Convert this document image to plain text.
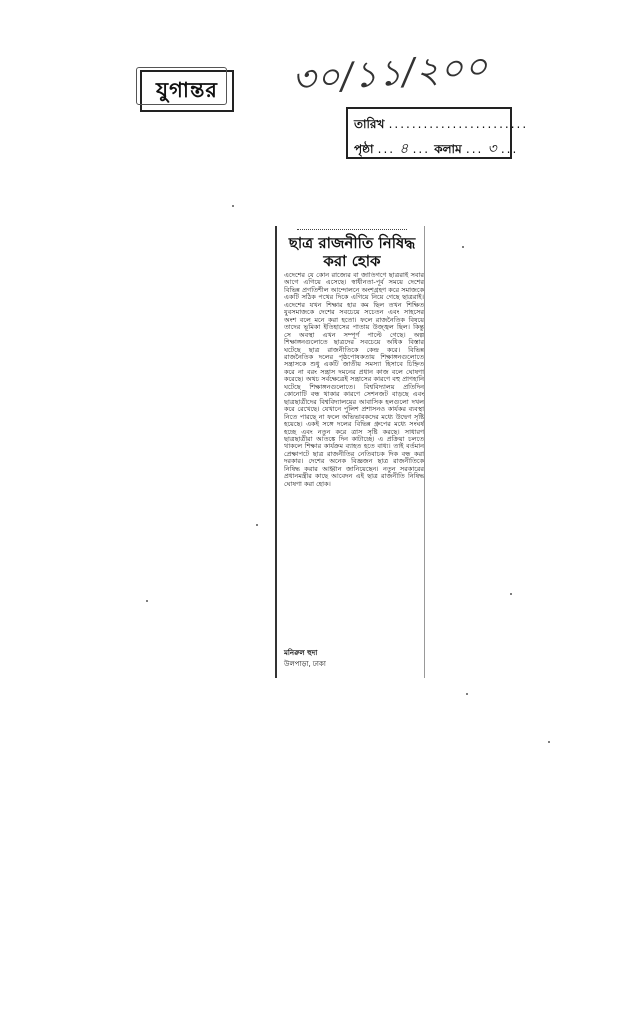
যুগান্তর ৩০/১১/২০০
তারিখ ........................
পৃষ্ঠা ... ৪ ... কলাম ... ৩ ...
ছাত্র রাজনীতি নিষিদ্ধ করা হোক
এদেশের যে কোন রাজ্যের বা জাতিগণে ছাত্ররাই সবার আগে এগিয়ে এসেছে। স্বাধীনতা-পূর্ব সময়ে দেশের বিভিন্ন প্রগতিশীল আন্দোলনে অংশগ্রহণ করে সমাজকে একটি সঠিক পথের দিকে এগিয়ে নিয়ে গেছে ছাত্ররাই। এদেশের যখন শিক্ষার হার কম ছিল তখন শিক্ষিত যুবসমাজকে দেশের সবচেয়ে সচেতন এবং সাহসের অংশ বলে মনে করা হতো। ফলে রাজনৈতিক বিষয়ে তাদের ভূমিকা ইতিহাসের পাতায় উজ্জ্বল ছিল। কিন্তু সে অবস্থা এখন সম্পূর্ণ পাল্টে গেছে। অল্প শিক্ষাঙ্গনগুলোতে ছাত্রদের সবচেয়ে অধিক বিস্তার ঘটেছে ছাত্র রাজনীতিকে কেন্দ্র করে। বিভিন্ন রাজনৈতিক দলের পৃষ্ঠপোষকতায় শিক্ষাঙ্গনগুলোতে সন্ত্রাসকে শুধু একটি জাতীয় সমস্যা হিসাবে চিহ্নিত করে না বরং সন্ত্রাস দমনের প্রধান কাজ বলে ঘোষণা করেছে। অথচ সর্বক্ষেত্রেই সন্ত্রাসের কারণে বহু প্রাণহানি ঘটেছে শিক্ষাঙ্গনগুলোতে। বিশ্ববিদ্যালয় প্রতিদিন কোনোটি বন্ধ থাকার কারণে সেশনজট বাড়ছে এবং ছাত্রছাত্রীদের বিশ্ববিদ্যালয়ের আবাসিক হলগুলো দখল করে রেখেছে। যেখানে পুলিশ প্রশাসনও কার্যকর ব্যবস্থা নিতে পারছে না ফলে অভিভাবকদের মধ্যে উদ্বেগ সৃষ্টি হয়েছে। একই সঙ্গে দলের বিভিন্ন গ্রুপের মধ্যে সংঘর্ষ হচ্ছে এবং নতুন করে ত্রাস সৃষ্টি করছে। সাধারণ ছাত্রছাত্রীরা আতঙ্কে দিন কাটাচ্ছে। এ প্রক্রিয়া চলতে থাকলে শিক্ষার কার্যক্রম ব্যাহত হতে বাধ্য। তাই বর্তমান প্রেক্ষাপটে ছাত্র রাজনীতির নেতিবাচক দিক বন্ধ করা দরকার। দেশের অনেক বিজ্ঞজন ছাত্র রাজনীতিকে নিষিদ্ধ করার আহ্বান জানিয়েছেন। নতুন সরকারের প্রধানমন্ত্রীর কাছে আবেদন এই ছাত্র রাজনীতি নিষিদ্ধ ঘোষণা করা হোক।
মনিরুল হুদা
উলপাড়া, ঢাকা
